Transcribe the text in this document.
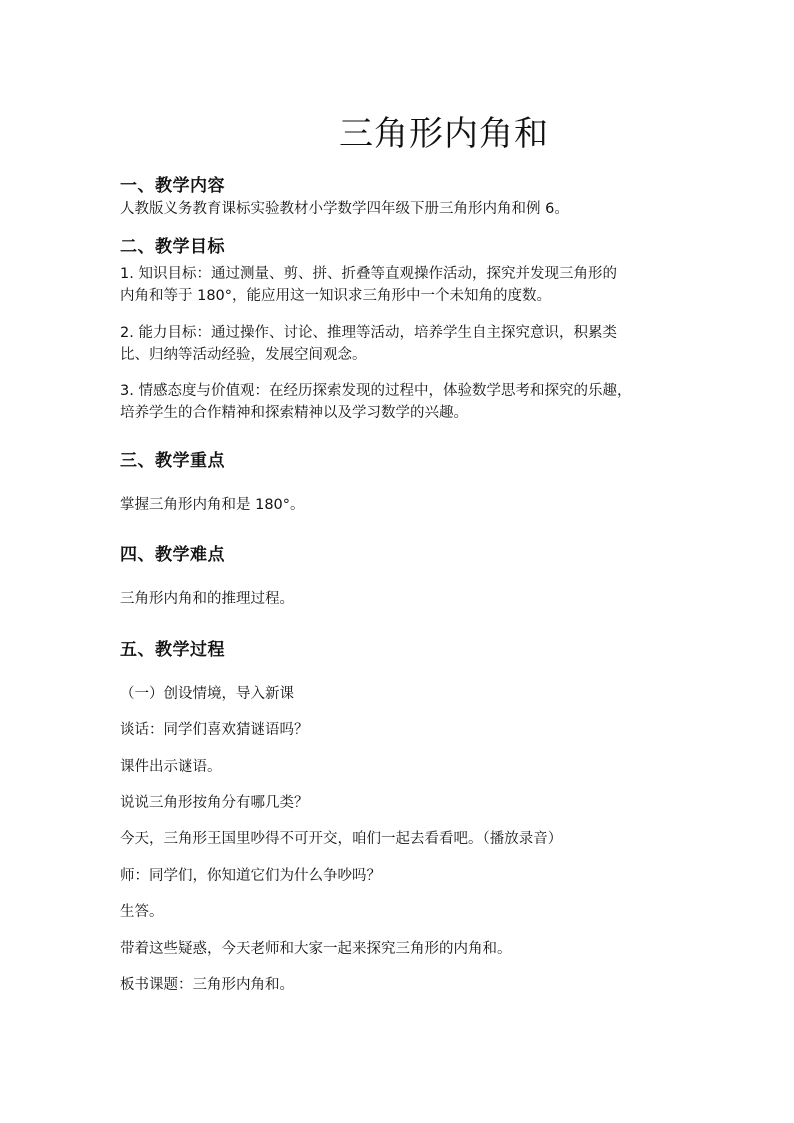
三角形内角和
一、教学内容

人教版义务教育课标实验教材小学数学四年级下册三角形内角和例 6。

二、教学目标

1. 知识目标：通过测量、剪、拼、折叠等直观操作活动，探究并发现三角形的

内角和等于 180°，能应用这一知识求三角形中一个未知角的度数。

2. 能力目标：通过操作、讨论、推理等活动，培养学生自主探究意识，积累类

比、归纳等活动经验，发展空间观念。

3. 情感态度与价值观：在经历探索发现的过程中，体验数学思考和探究的乐趣，

培养学生的合作精神和探索精神以及学习数学的兴趣。

三、教学重点

掌握三角形内角和是 180°。

四、教学难点

三角形内角和的推理过程。

五、教学过程

（一）创设情境，导入新课

谈话：同学们喜欢猜谜语吗？

课件出示谜语。

说说三角形按角分有哪几类？

今天，三角形王国里吵得不可开交，咱们一起去看看吧。（播放录音）

师：同学们，你知道它们为什么争吵吗？

生答。

带着这些疑惑，今天老师和大家一起来探究三角形的内角和。

板书课题：三角形内角和。
